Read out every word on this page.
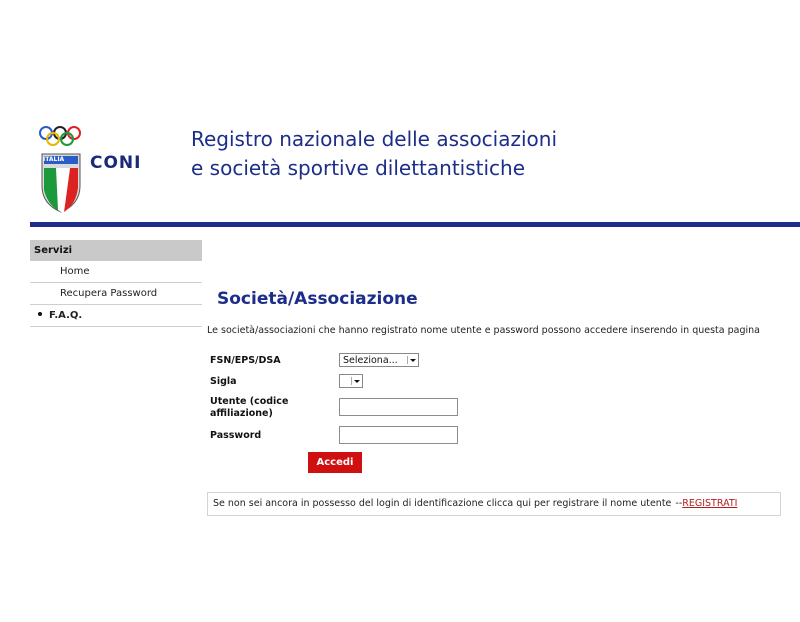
CONI
ITALIA
Registro nazionale delle associazioni
e società sportive dilettantistiche
Servizi
Home
Recupera Password
F.A.Q.
Società/Associazione
Le società/associazioni che hanno registrato nome utente e password possono accedere inserendo in questa pagina
FSN/EPS/DSA	Seleziona...
Sigla
Utente (codice
affiliazione)
Password
Accedi
Se non sei ancora in possesso del login di identificazione clicca qui per registrare il nome utente --REGISTRATI
